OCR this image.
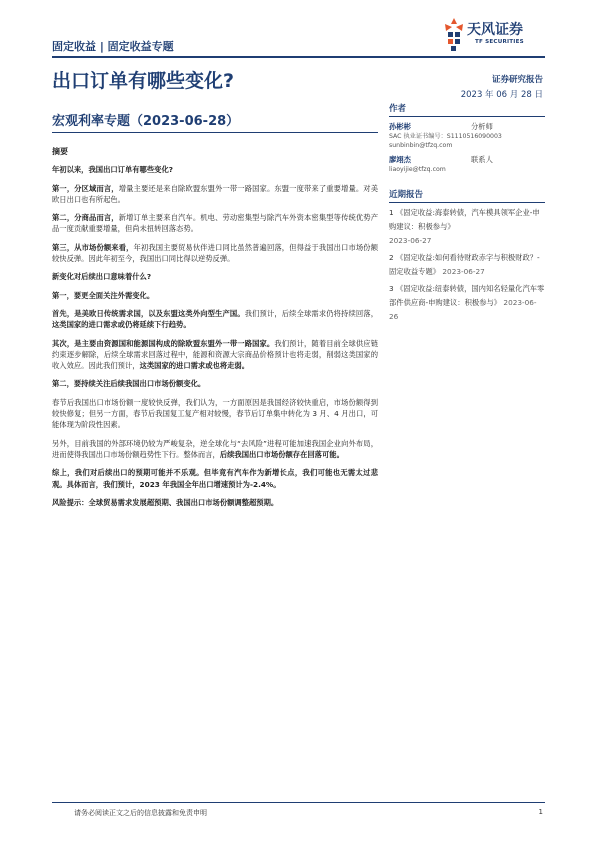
固定收益 | 固定收益专题
天风证券
TF SECURITIES
出口订单有哪些变化?	证券研究报告
2023 年 06 月 28 日
宏观利率专题（2023-06-28）
摘要

年初以来，我国出口订单有哪些变化?

第一，分区域而言，增量主要还是来自除欧盟东盟外一带一路国家。东盟一度带来了重要增量。对美欧日出口也有所起色。

第二，分商品而言，新增订单主要来自汽车。机电、劳动密集型与除汽车外资本密集型等传统优势产品一度贡献重要增量，但尚未扭转回落态势。

第三，从市场份额来看，年初我国主要贸易伙伴进口同比虽然普遍回落，但得益于我国出口市场份额较快反弹。因此年初至今，我国出口同比得以逆势反弹。

新变化对后续出口意味着什么?

第一，要更全面关注外需变化。

首先，是美欧日传统需求国，以及东盟这类外向型生产国。我们预计，后续全球需求仍将持续回落，这类国家的进口需求或仍将延续下行趋势。

其次，是主要由资源国和能源国构成的除欧盟东盟外一带一路国家。我们预计，随着目前全球供应链约束逐步解除，后续全球需求回落过程中，能源和资源大宗商品价格预计也将走弱，削弱这类国家的收入效应。因此我们预计，这类国家的进口需求或也将走弱。

第二，要持续关注后续我国出口市场份额变化。

春节后我国出口市场份额一度较快反弹，我们认为，一方面原因是我国经济较快重启，市场份额得到较快修复；但另一方面，春节后我国复工复产相对较慢，春节后订单集中转化为 3 月、4 月出口，可能体现为阶段性因素。

另外，目前我国的外部环境仍较为严峻复杂，逆全球化与“去风险”进程可能加速我国企业向外布局，进而使得我国出口市场份额趋势性下行。整体而言，后续我国出口市场份额存在回落可能。

综上，我们对后续出口的预期可能并不乐观。但毕竟有汽车作为新增长点，我们可能也无需太过悲观。具体而言，我们预计，2023 年我国全年出口增速预计为-2.4%。

风险提示：全球贸易需求发展超预期、我国出口市场份额调整超预期。

作者
孙彬彬	分析师
SAC 执业证书编号：S1110516090003
sunbinbin@tfzq.com
廖翊杰	联系人
liaoyijie@tfzq.com
近期报告
1 《固定收益:海泰转债，汽车模具领军企业-申购建议：积极参与》
2023-06-27
2 《固定收益:如何看待财政赤字与积极财政？-固定收益专题》 2023-06-27
3 《固定收益:纽泰转债，国内知名轻量化汽车零部件供应商-申购建议：积极参与》 2023-06-26
请务必阅读正文之后的信息披露和免责申明	1
